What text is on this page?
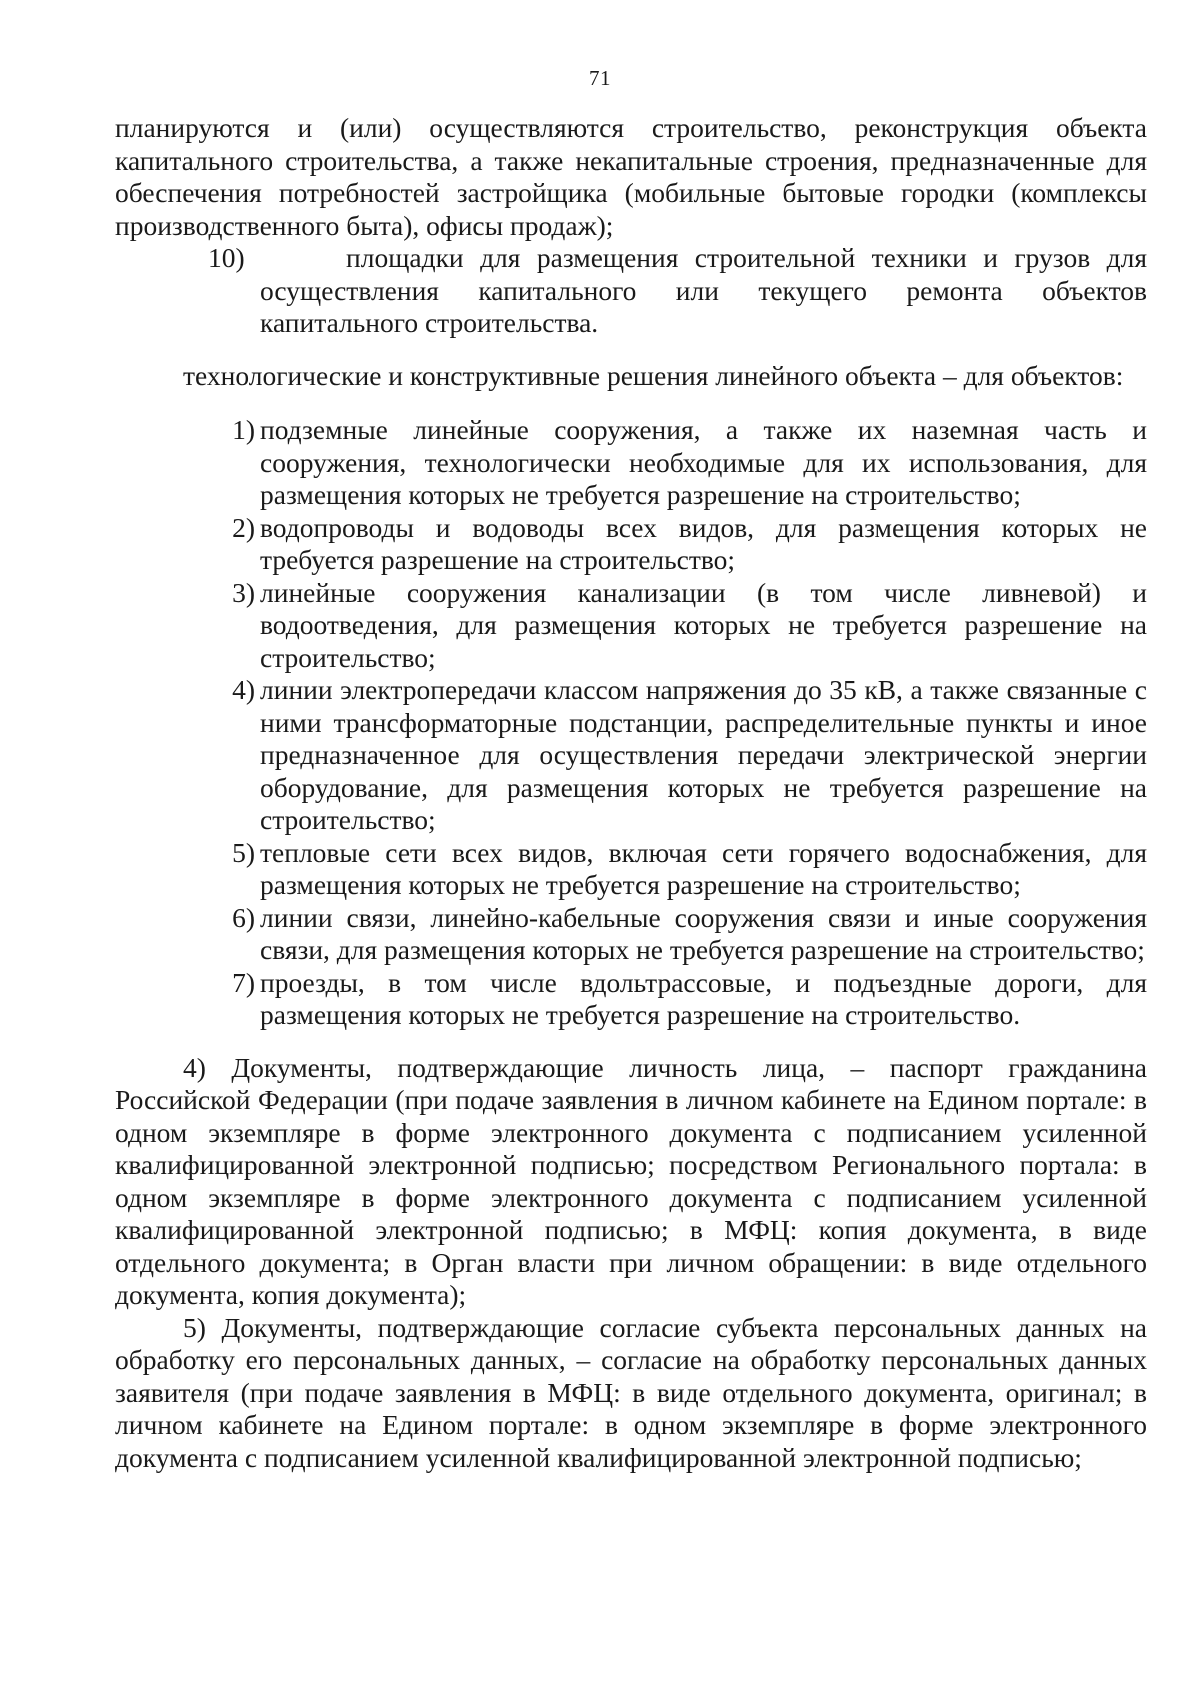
71

планируются и (или) осуществляются строительство, реконструкция объекта капитального строительства, а также некапитальные строения, предназначенные для обеспечения потребностей застройщика (мобильные бытовые городки (комплексы производственного быта), офисы продаж);

10)	площадки для размещения строительной техники и грузов для осуществления капитального или текущего ремонта объектов капитального строительства.

технологические и конструктивные решения линейного объекта – для объектов:

1) подземные линейные сооружения, а также их наземная часть и сооружения, технологически необходимые для их использования, для размещения которых не требуется разрешение на строительство;

2) водопроводы и водоводы всех видов, для размещения которых не требуется разрешение на строительство;

3) линейные сооружения канализации (в том числе ливневой) и водоотведения, для размещения которых не требуется разрешение на строительство;

4) линии электропередачи классом напряжения до 35 кВ, а также связанные с ними трансформаторные подстанции, распределительные пункты и иное предназначенное для осуществления передачи электрической энергии оборудование, для размещения которых не требуется разрешение на строительство;

5) тепловые сети всех видов, включая сети горячего водоснабжения, для размещения которых не требуется разрешение на строительство;

6) линии связи, линейно-кабельные сооружения связи и иные сооружения связи, для размещения которых не требуется разрешение на строительство;

7) проезды, в том числе вдольтрассовые, и подъездные дороги, для размещения которых не требуется разрешение на строительство.

4) Документы, подтверждающие личность лица, – паспорт гражданина Российской Федерации (при подаче заявления в личном кабинете на Едином портале: в одном экземпляре в форме электронного документа с подписанием усиленной квалифицированной электронной подписью; посредством Регионального портала: в одном экземпляре в форме электронного документа с подписанием усиленной квалифицированной электронной подписью; в МФЦ: копия документа, в виде отдельного документа; в Орган власти при личном обращении: в виде отдельного документа, копия документа);

5) Документы, подтверждающие согласие субъекта персональных данных на обработку его персональных данных, – согласие на обработку персональных данных заявителя (при подаче заявления в МФЦ: в виде отдельного документа, оригинал; в личном кабинете на Едином портале: в одном экземпляре в форме электронного документа с подписанием усиленной квалифицированной электронной подписью;
